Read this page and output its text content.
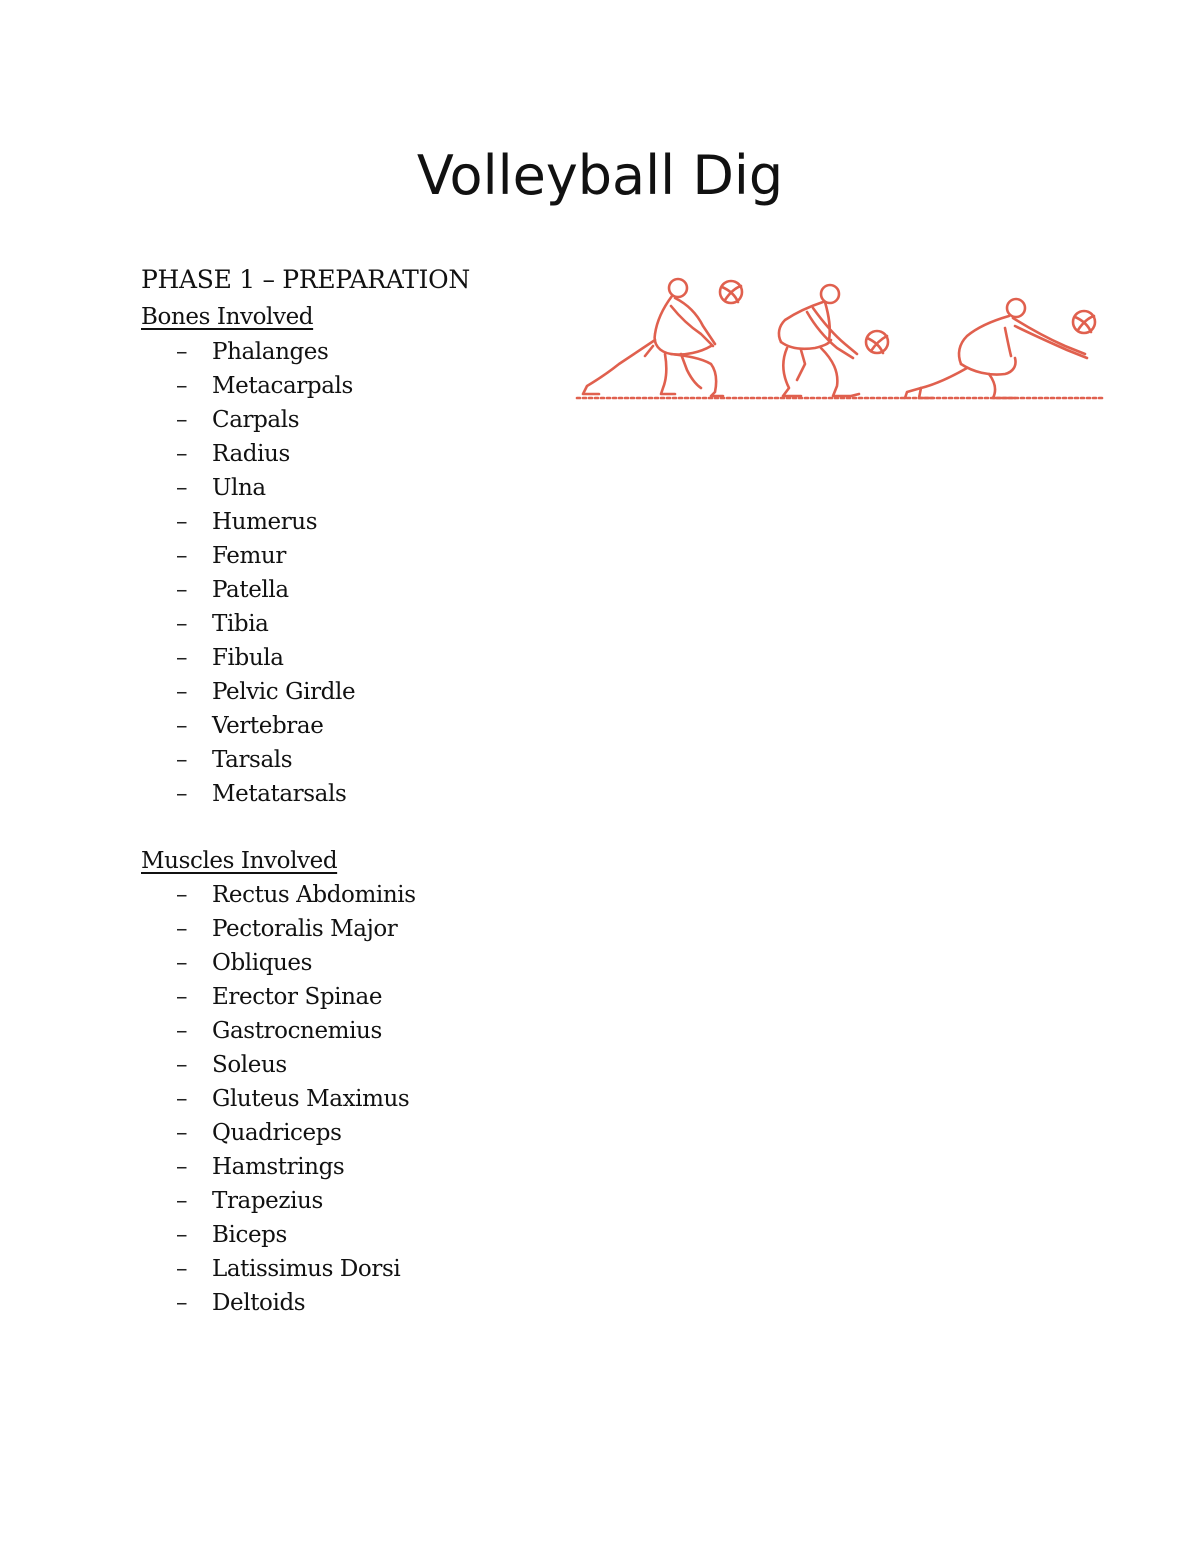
Volleyball Dig
PHASE 1 – PREPARATION
Bones Involved
– Phalanges
– Metacarpals
– Carpals
– Radius
– Ulna
– Humerus
– Femur
– Patella
– Tibia
– Fibula
– Pelvic Girdle
– Vertebrae
– Tarsals
– Metatarsals
Muscles Involved
– Rectus Abdominis
– Pectoralis Major
– Obliques
– Erector Spinae
– Gastrocnemius
– Soleus
– Gluteus Maximus
– Quadriceps
– Hamstrings
– Trapezius
– Biceps
– Latissimus Dorsi
– Deltoids
